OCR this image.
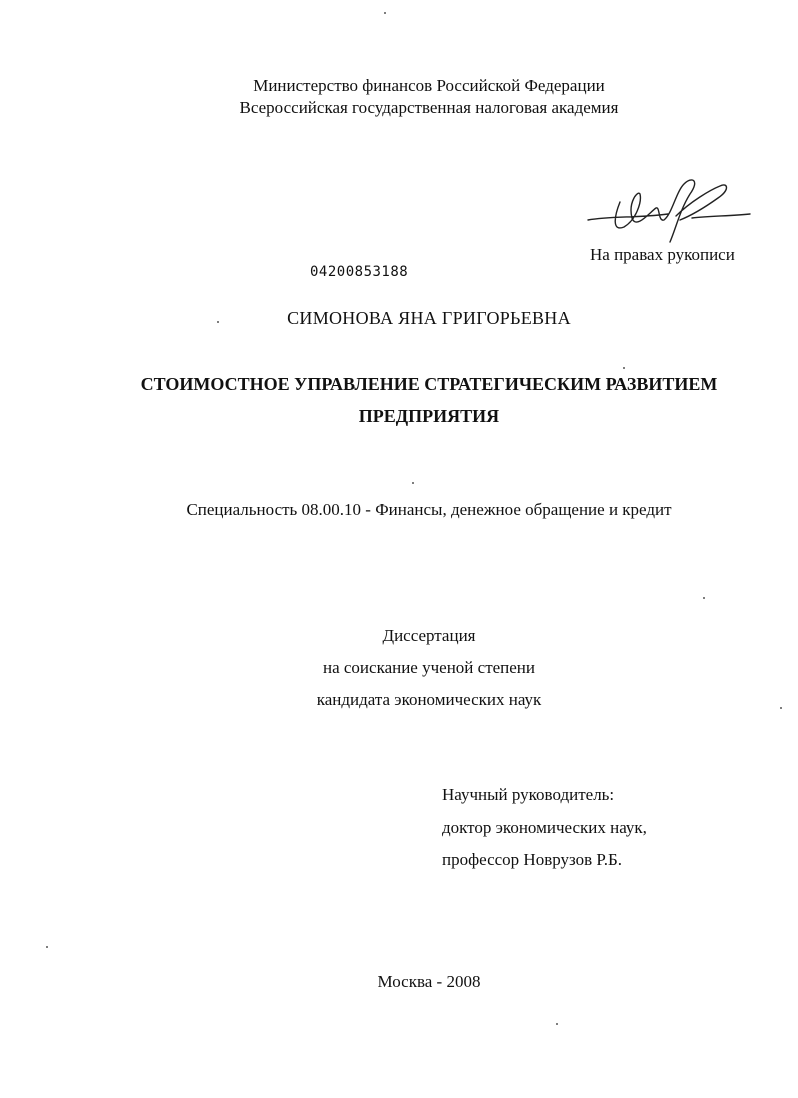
Министерство финансов Российской Федерации
Всероссийская государственная налоговая академия
На правах рукописи
04200853188
СИМОНОВА ЯНА ГРИГОРЬЕВНА
СТОИМОСТНОЕ УПРАВЛЕНИЕ СТРАТЕГИЧЕСКИМ РАЗВИТИЕМ
ПРЕДПРИЯТИЯ
Специальность 08.00.10 - Финансы, денежное обращение и кредит
Диссертация
на соискание ученой степени
кандидата экономических наук
Научный руководитель:
доктор экономических наук,
профессор Новрузов Р.Б.
Москва - 2008
